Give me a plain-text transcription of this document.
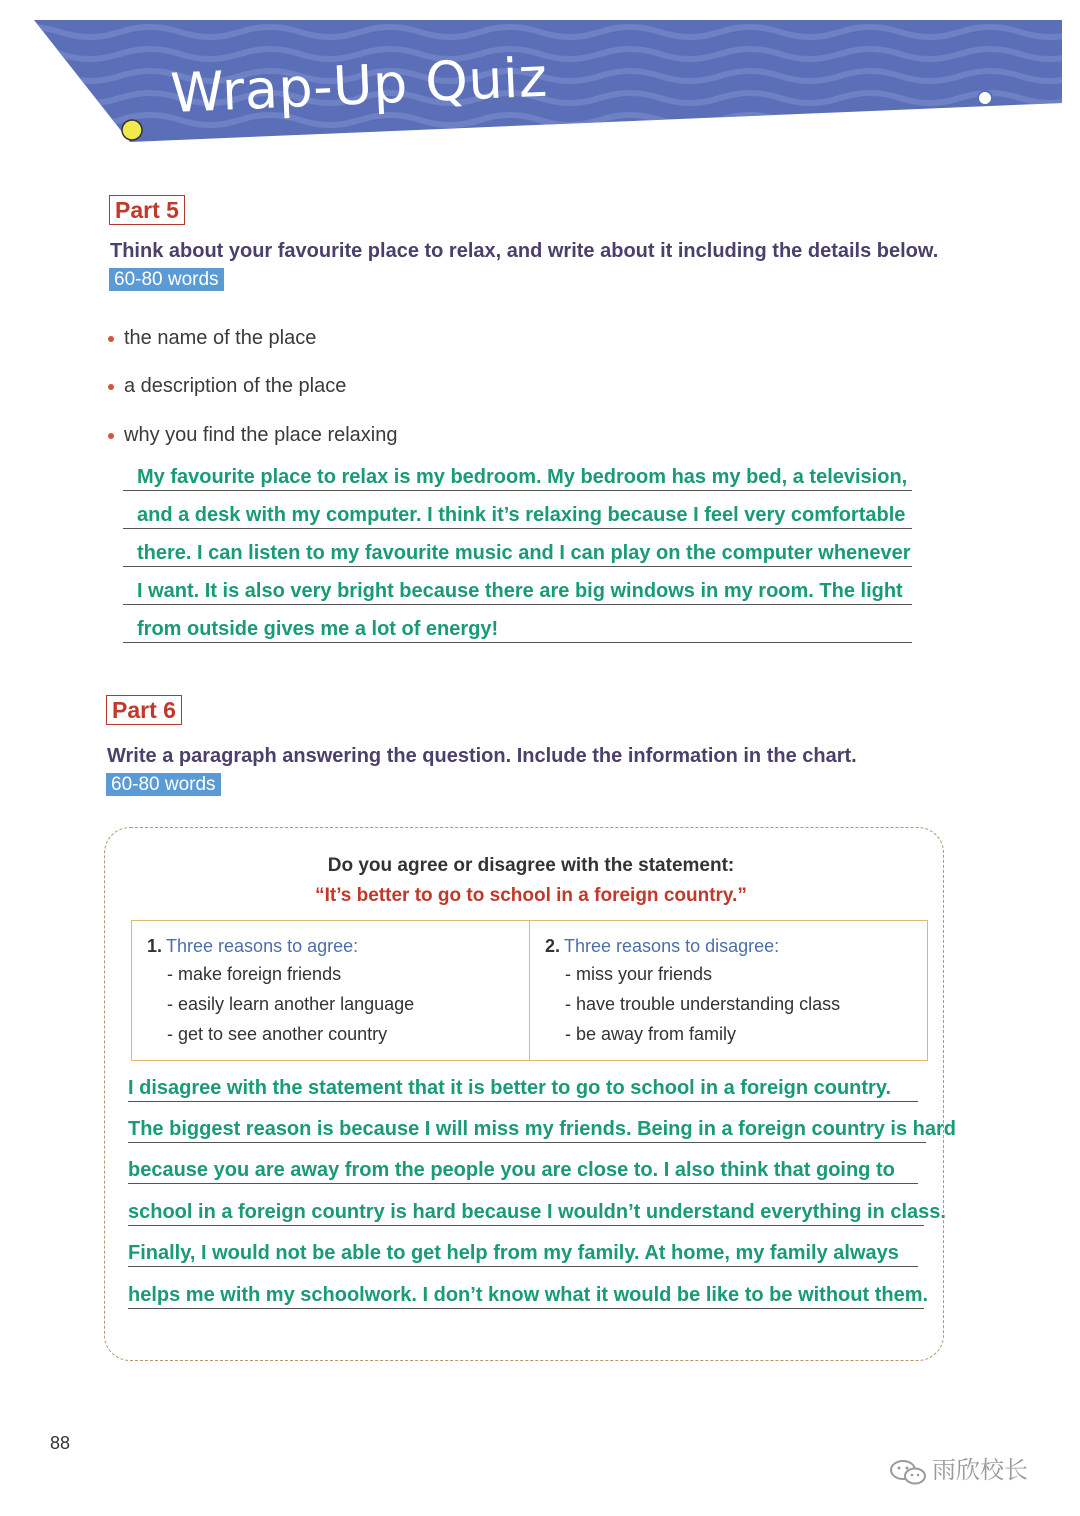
Wrap-Up Quiz
Part 5
Think about your favourite place to relax, and write about it including the details below.
60-80 words
the name of the place
a description of the place
why you find the place relaxing
My favourite place to relax is my bedroom. My bedroom has my bed, a television,
and a desk with my computer. I think it’s relaxing because I feel very comfortable
there. I can listen to my favourite music and I can play on the computer whenever
I want. It is also very bright because there are big windows in my room. The light
from outside gives me a lot of energy!
Part 6
Write a paragraph answering the question. Include the information in the chart.
60-80 words
Do you agree or disagree with the statement:
“It’s better to go to school in a foreign country.”
1. Three reasons to agree:
- make foreign friends
- easily learn another language
- get to see another country
2. Three reasons to disagree:
- miss your friends
- have trouble understanding class
- be away from family
I disagree with the statement that it is better to go to school in a foreign country.
The biggest reason is because I will miss my friends. Being in a foreign country is hard
because you are away from the people you are close to. I also think that going to
school in a foreign country is hard because I wouldn’t understand everything in class.
Finally, I would not be able to get help from my family. At home, my family always
helps me with my schoolwork. I don’t know what it would be like to be without them.
88
雨欣校长
